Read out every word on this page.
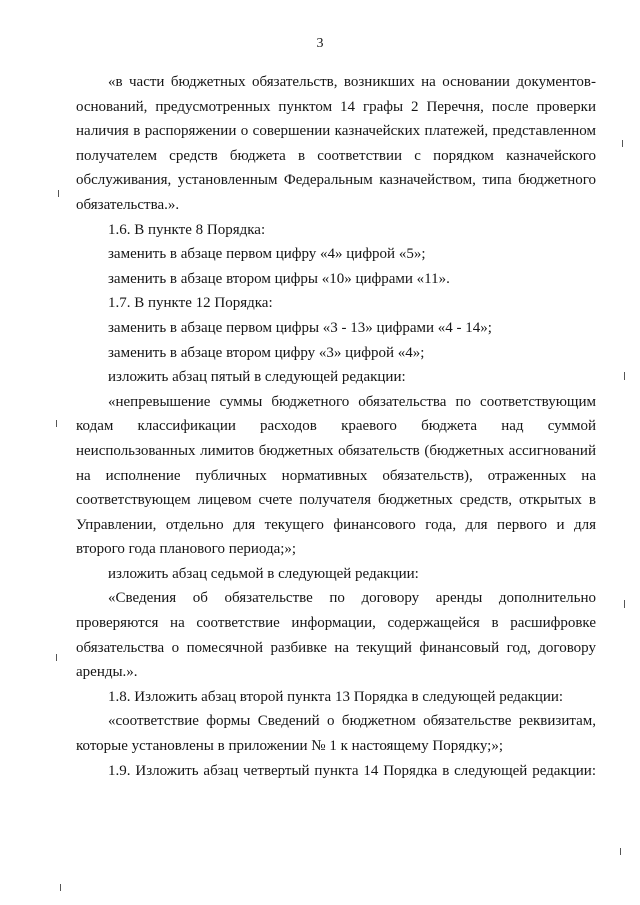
3
«в части бюджетных обязательств, возникших на основании документов-
оснований, предусмотренных пунктом 14 графы 2 Перечня, после проверки
наличия в распоряжении о совершении казначейских платежей, представленном
получателем средств бюджета в соответствии с порядком казначейского
обслуживания, установленным Федеральным казначейством, типа бюджетного
обязательства.».
1.6. В пункте 8 Порядка:
заменить в абзаце первом цифру «4» цифрой «5»;
заменить в абзаце втором цифры «10» цифрами «11».
1.7. В пункте 12 Порядка:
заменить в абзаце первом цифры «3 - 13» цифрами «4 - 14»;
заменить в абзаце втором цифру «3» цифрой «4»;
изложить абзац пятый в следующей редакции:
«непревышение суммы бюджетного обязательства по соответствующим
кодам классификации расходов краевого бюджета над суммой
неиспользованных лимитов бюджетных обязательств (бюджетных ассигнований
на исполнение публичных нормативных обязательств), отраженных на
соответствующем лицевом счете получателя бюджетных средств, открытых в
Управлении, отдельно для текущего финансового года, для первого и для
второго года планового периода;»;
изложить абзац седьмой в следующей редакции:
«Сведения об обязательстве по договору аренды дополнительно
проверяются на соответствие информации, содержащейся в расшифровке
обязательства о помесячной разбивке на текущий финансовый год, договору
аренды.».
1.8. Изложить абзац второй пункта 13 Порядка в следующей редакции:
«соответствие формы Сведений о бюджетном обязательстве реквизитам,
которые установлены в приложении № 1 к настоящему Порядку;»;
1.9. Изложить абзац четвертый пункта 14 Порядка в следующей редакции:
